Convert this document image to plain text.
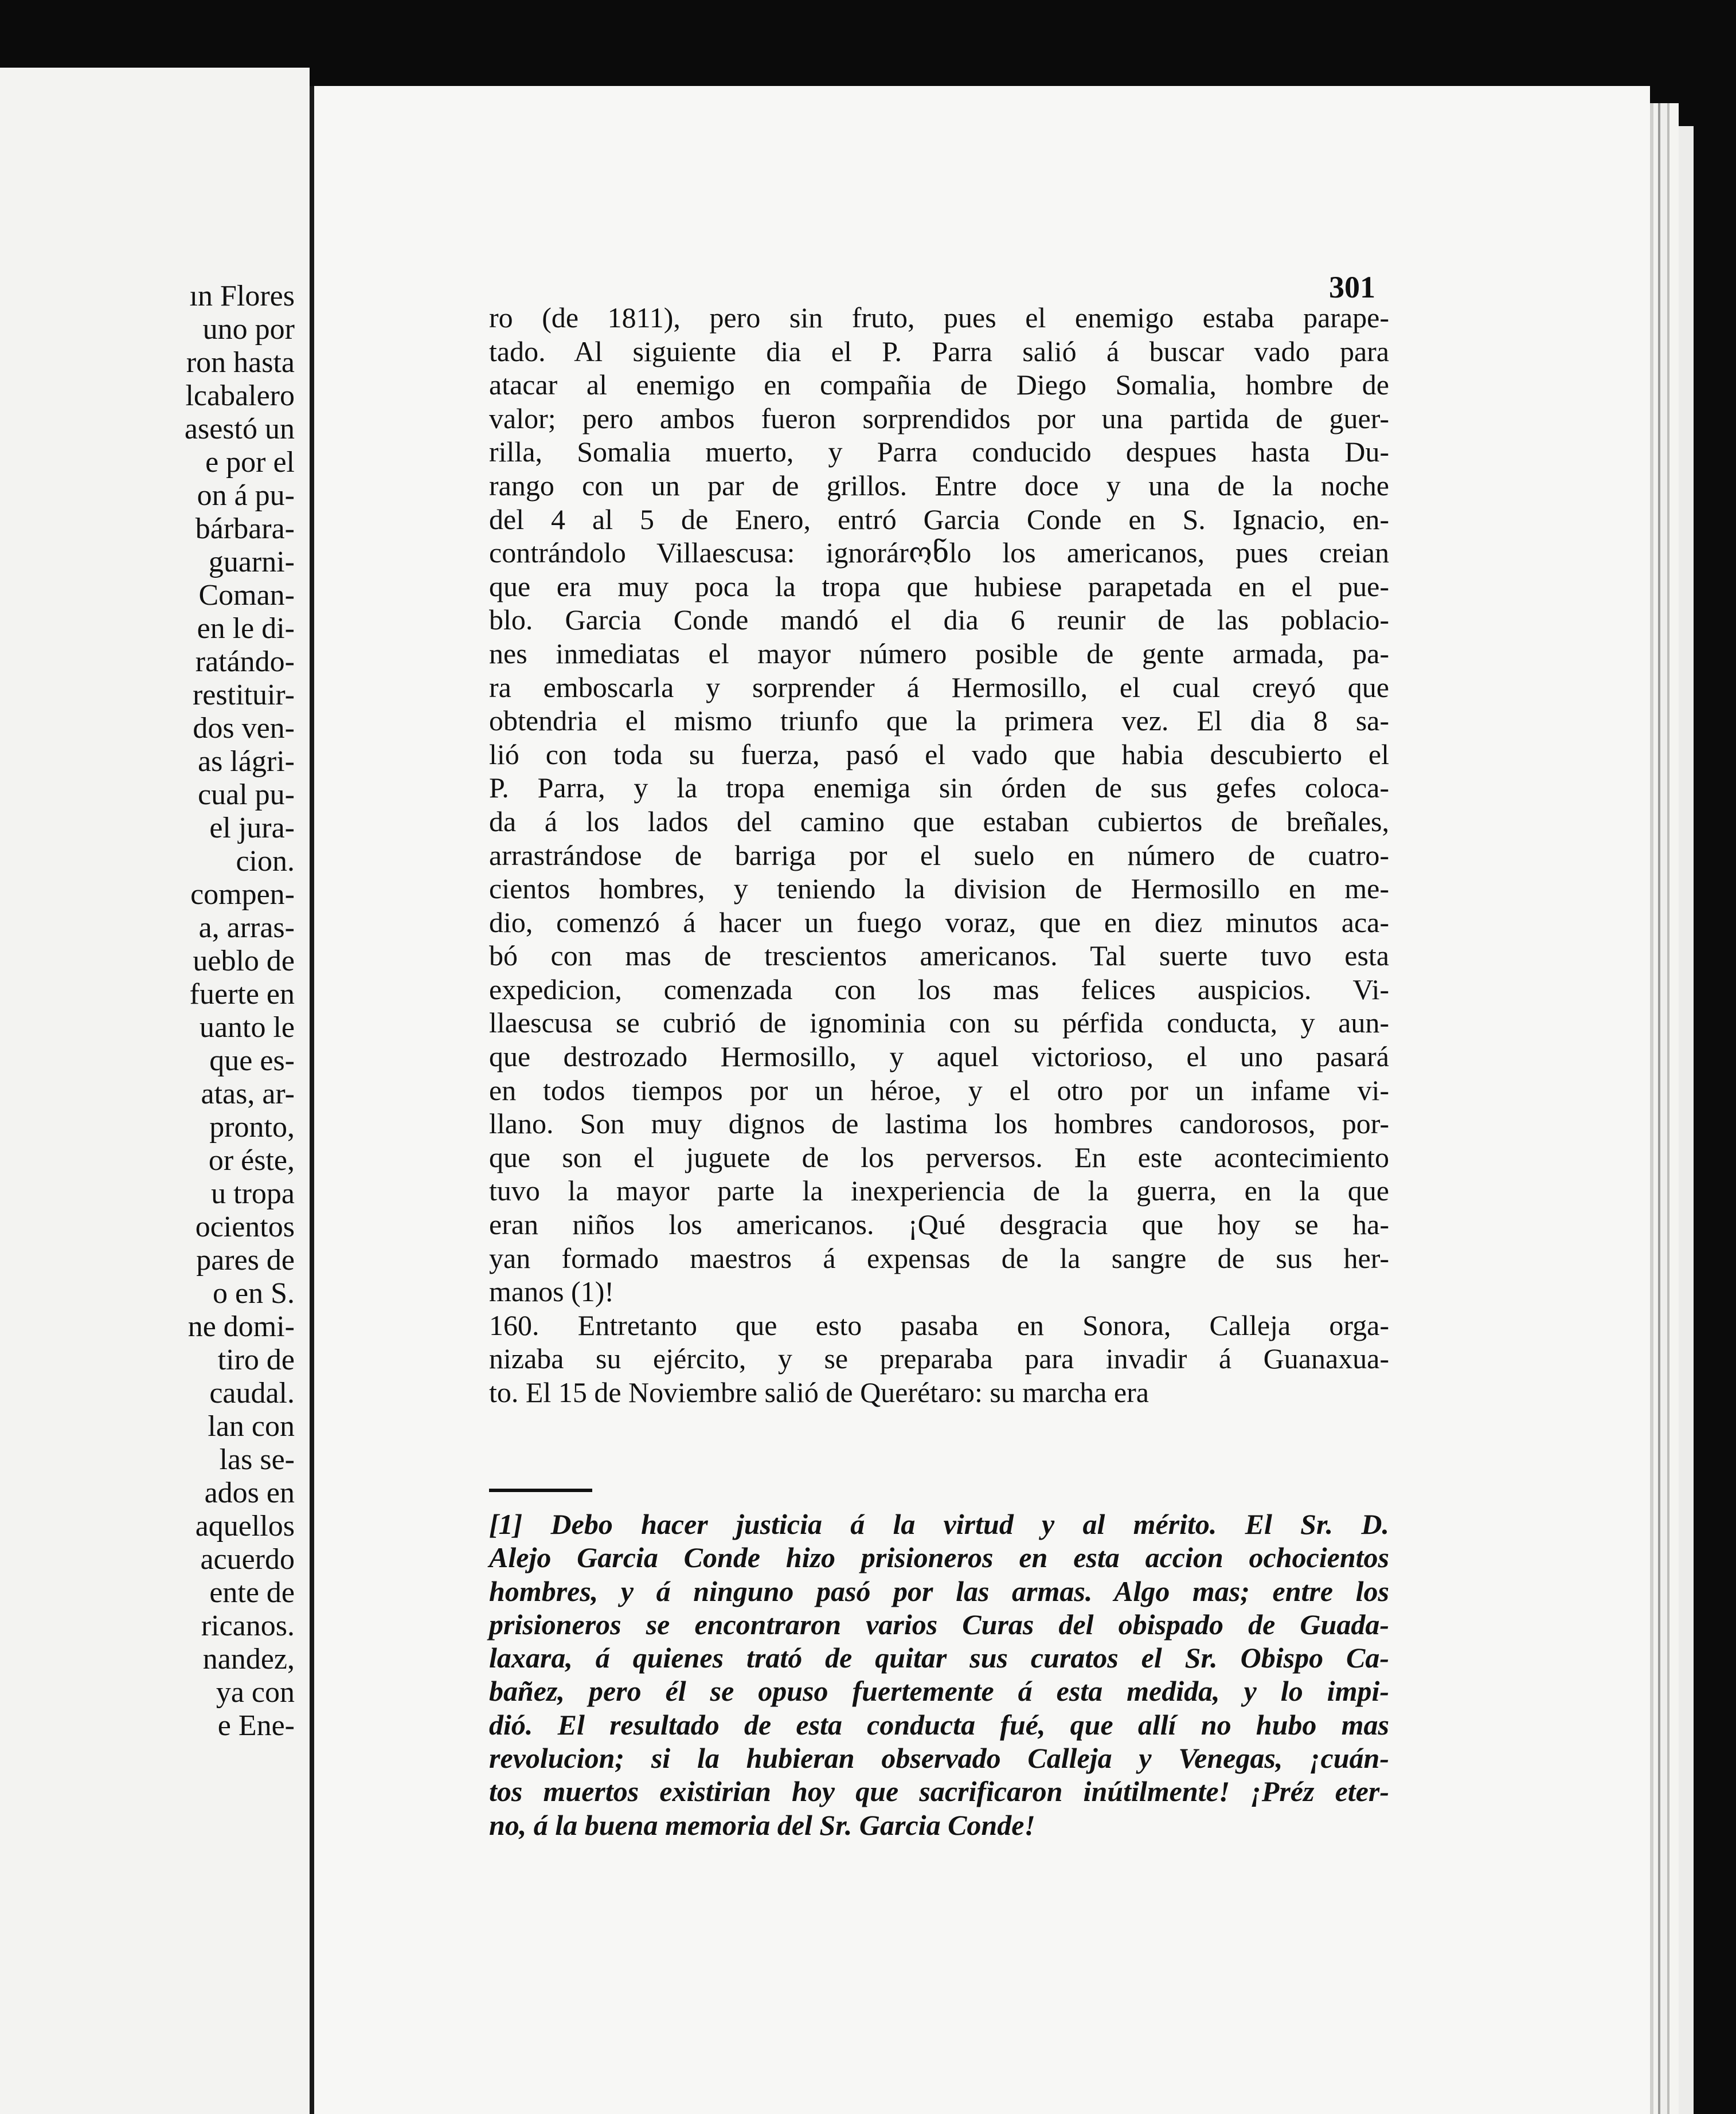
ın Flores
uno por
ron hasta
lcabalero
asestó un
e por el
on á pu-
bárbara-
guarni-
Coman-
en le di-
ratándo-
restituir-
dos ven-
as lágri-
cual pu-
el jura-
cion.
compen-
a, arras-
ueblo de
fuerte en
uanto le
que es-
atas, ar-
pronto,
or éste,
u tropa
ocientos
pares de
o en S.
ne domi-
tiro de
caudal.
lan con
las se-
ados en
aquellos
acuerdo
ente de
ricanos.
nandez,
ya con
e Ene-
301
ro (de 1811), pero sin fruto, pues el enemigo estaba parape-
tado. Al siguiente dia el P. Parra salió á buscar vado para
atacar al enemigo en compañia de Diego Somalia, hombre de
valor; pero ambos fueron sorprendidos por una partida de guer-
rilla, Somalia muerto, y Parra conducido despues hasta Du-
rango con un par de grillos. Entre doce y una de la noche
del 4 al 5 de Enero, entró Garcia Conde en S. Ignacio, en-
contrándolo Villaescusa: ignorárონlo los americanos, pues creian
que era muy poca la tropa que hubiese parapetada en el pue-
blo. Garcia Conde mandó el dia 6 reunir de las poblacio-
nes inmediatas el mayor número posible de gente armada, pa-
ra emboscarla y sorprender á Hermosillo, el cual creyó que
obtendria el mismo triunfo que la primera vez. El dia 8 sa-
lió con toda su fuerza, pasó el vado que habia descubierto el
P. Parra, y la tropa enemiga sin órden de sus gefes coloca-
da á los lados del camino que estaban cubiertos de breñales,
arrastrándose de barriga por el suelo en número de cuatro-
cientos hombres, y teniendo la division de Hermosillo en me-
dio, comenzó á hacer un fuego voraz, que en diez minutos aca-
bó con mas de trescientos americanos. Tal suerte tuvo esta
expedicion, comenzada con los mas felices auspicios. Vi-
llaescusa se cubrió de ignominia con su pérfida conducta, y aun-
que destrozado Hermosillo, y aquel victorioso, el uno pasará
en todos tiempos por un héroe, y el otro por un infame vi-
llano. Son muy dignos de lastima los hombres candorosos, por-
que son el juguete de los perversos. En este acontecimiento
tuvo la mayor parte la inexperiencia de la guerra, en la que
eran niños los americanos. ¡Qué desgracia que hoy se ha-
yan formado maestros á expensas de la sangre de sus her-
manos (1)!
160. Entretanto que esto pasaba en Sonora, Calleja orga-
nizaba su ejército, y se preparaba para invadir á Guanaxua-
to. El 15 de Noviembre salió de Querétaro: su marcha era
[1] Debo hacer justicia á la virtud y al mérito. El Sr. D.
Alejo Garcia Conde hizo prisioneros en esta accion ochocientos
hombres, y á ninguno pasó por las armas. Algo mas; entre los
prisioneros se encontraron varios Curas del obispado de Guada-
laxara, á quienes trató de quitar sus curatos el Sr. Obispo Ca-
bañez, pero él se opuso fuertemente á esta medida, y lo impi-
dió. El resultado de esta conducta fué, que allí no hubo mas
revolucion; si la hubieran observado Calleja y Venegas, ¡cuán-
tos muertos existirian hoy que sacrificaron inútilmente! ¡Préz eter-
no, á la buena memoria del Sr. Garcia Conde!
